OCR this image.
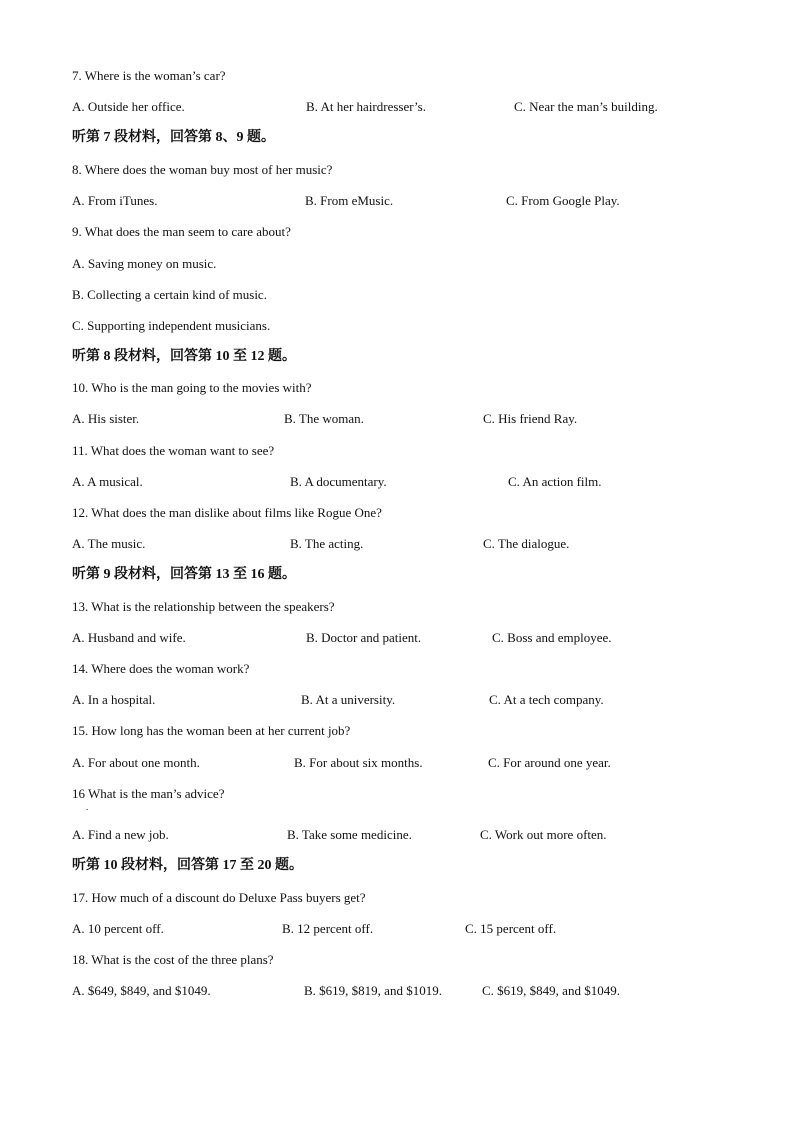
7. Where is the woman’s car?
A. Outside her office.	B. At her hairdresser’s.	C. Near the man’s building.
听第 7 段材料，回答第 8、9 题。
8. Where does the woman buy most of her music?
A. From iTunes.	B. From eMusic.	C. From Google Play.
9. What does the man seem to care about?
A. Saving money on music.
B. Collecting a certain kind of music.
C. Supporting independent musicians.
听第 8 段材料，回答第 10 至 12 题。
10. Who is the man going to the movies with?
A. His sister.	B. The woman.	C. His friend Ray.
11. What does the woman want to see?
A. A musical.	B. A documentary.	C. An action film.
12. What does the man dislike about films like Rogue One?
A. The music.	B. The acting.	C. The dialogue.
听第 9 段材料，回答第 13 至 16 题。
13. What is the relationship between the speakers?
A. Husband and wife.	B. Doctor and patient.	C. Boss and employee.
14. Where does the woman work?
A. In a hospital.	B. At a university.	C. At a tech company.
15. How long has the woman been at her current job?
A. For about one month.	B. For about six months.	C. For around one year.
16 What is the man’s advice?
.
A. Find a new job.	B. Take some medicine.	C. Work out more often.
听第 10 段材料，回答第 17 至 20 题。
17. How much of a discount do Deluxe Pass buyers get?
A. 10 percent off.	B. 12 percent off.	C. 15 percent off.
18. What is the cost of the three plans?
A. $649, $849, and $1049.	B. $619, $819, and $1019.	C. $619, $849, and $1049.
